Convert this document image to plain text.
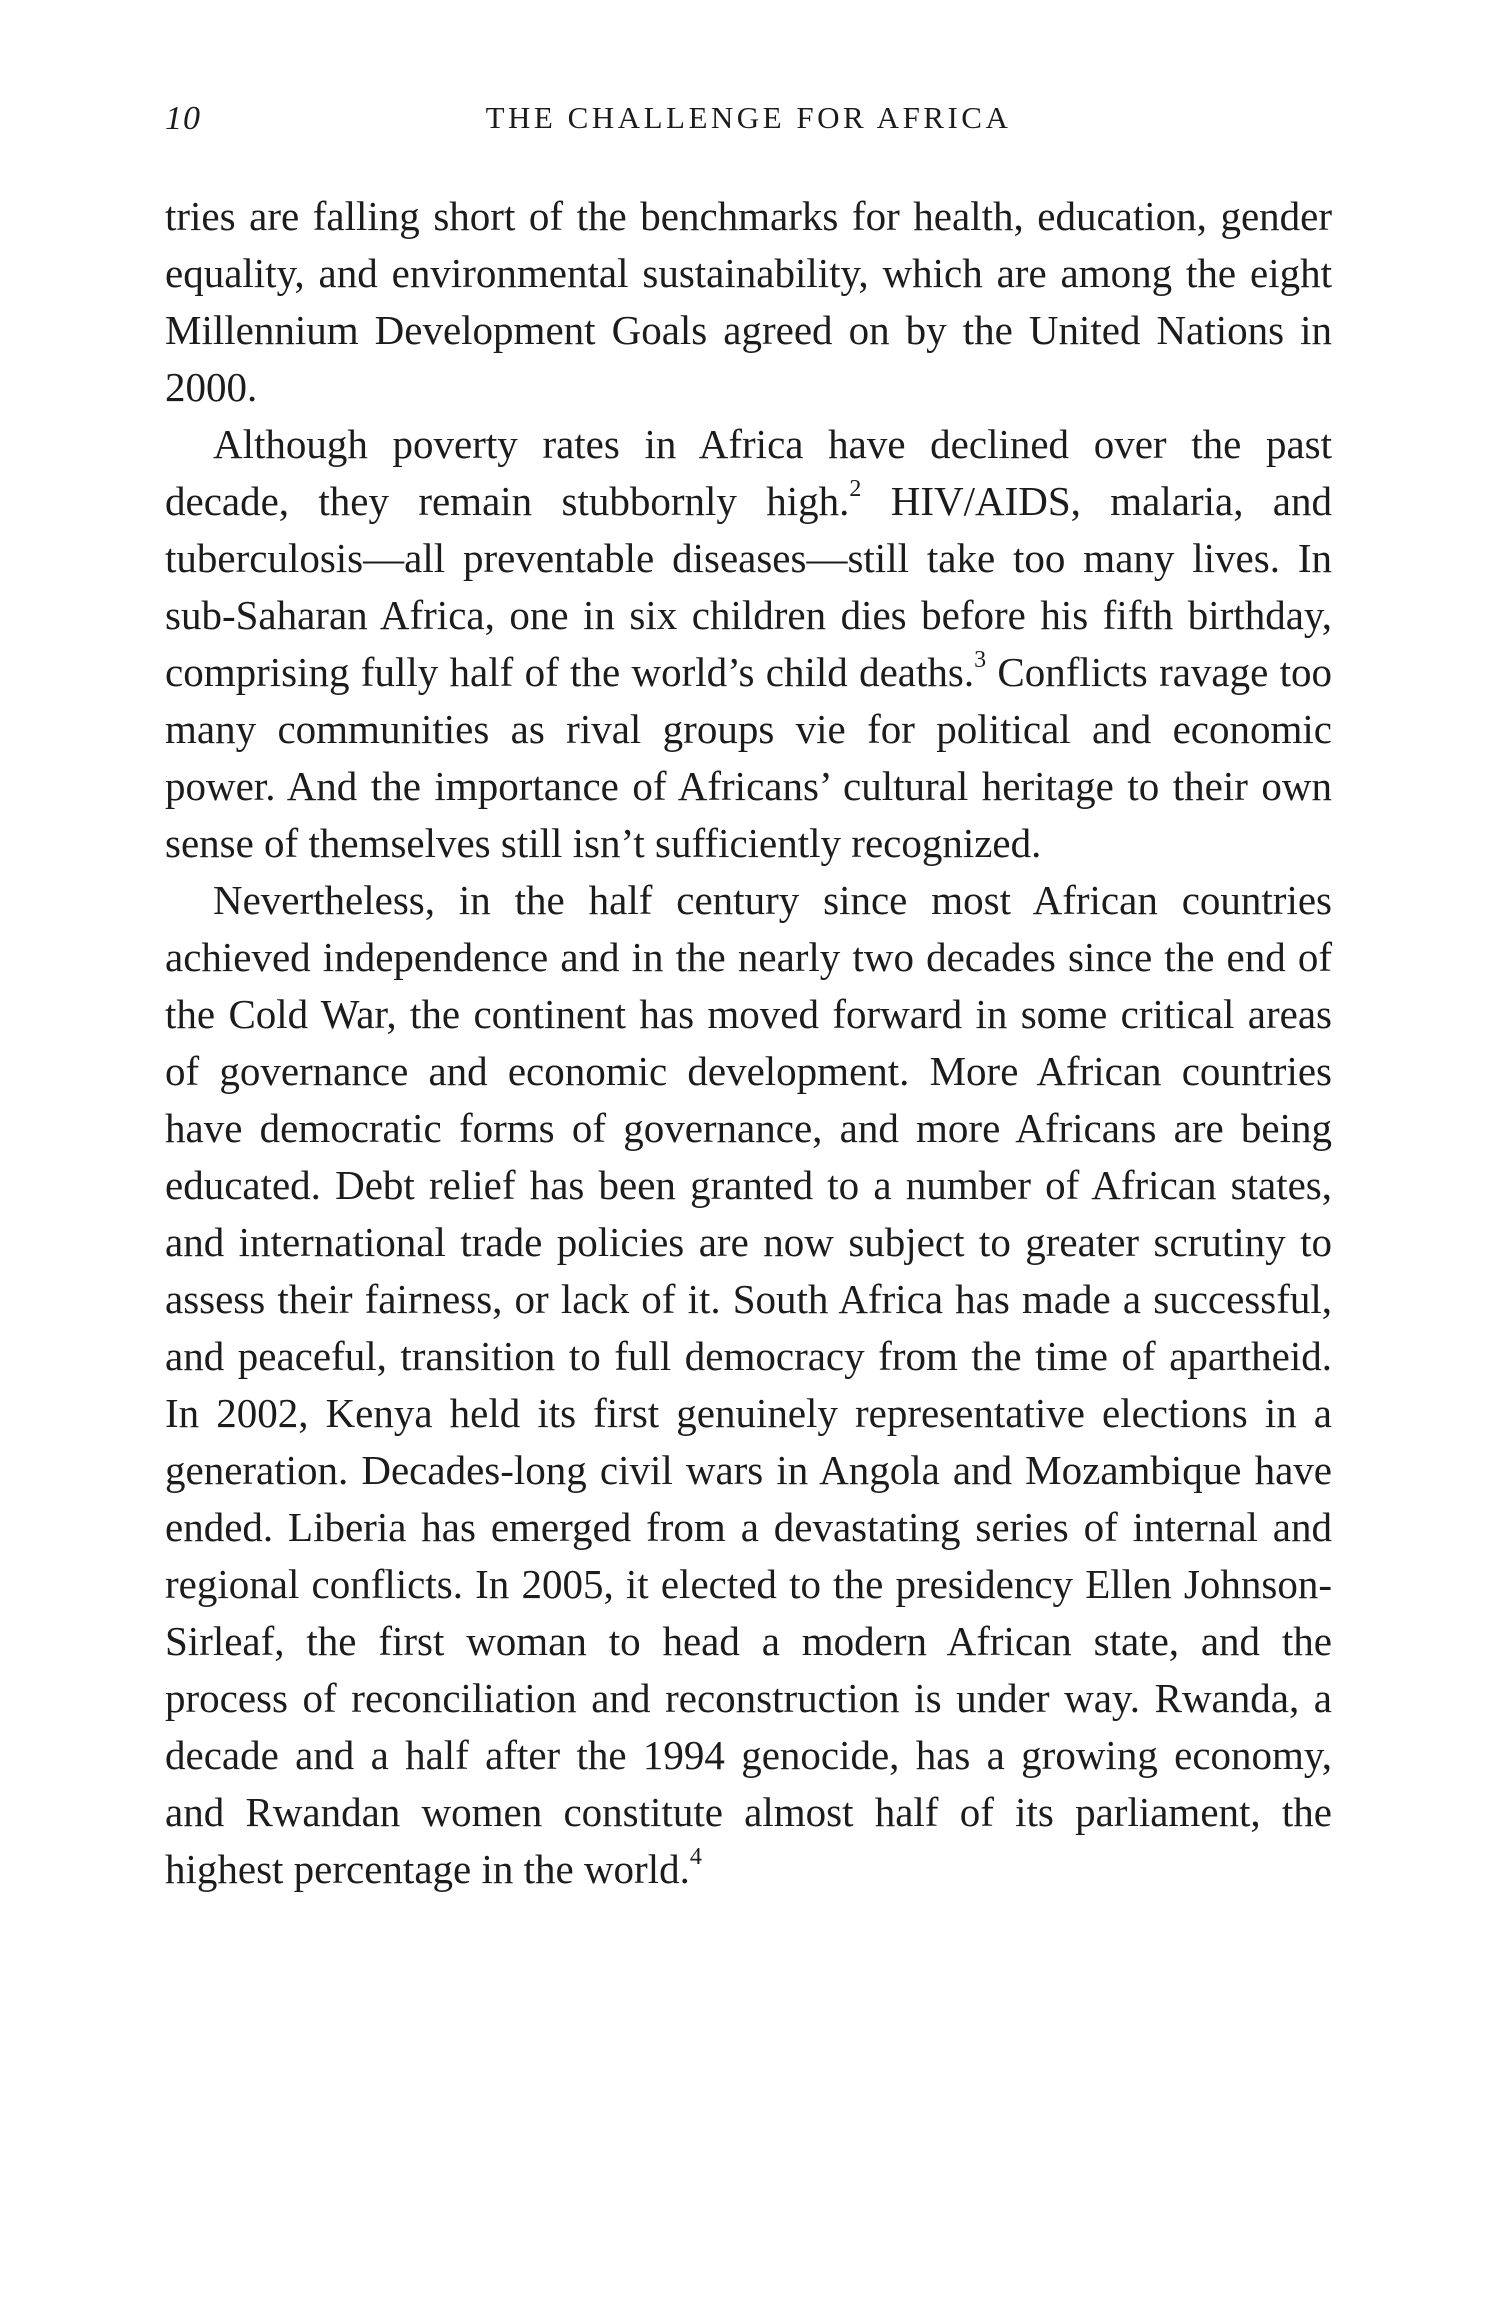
10	THE CHALLENGE FOR AFRICA

tries are falling short of the benchmarks for health, education, gender equality, and environmental sustainability, which are among the eight Millennium Development Goals agreed on by the United Nations in 2000.

Although poverty rates in Africa have declined over the past decade, they remain stubbornly high.$^2$ HIV/AIDS, malaria, and tuberculosis—all preventable diseases—still take too many lives. In sub-Saharan Africa, one in six children dies before his fifth birthday, comprising fully half of the world’s child deaths.$^3$ Conflicts ravage too many communities as rival groups vie for political and economic power. And the importance of Africans’ cultural heritage to their own sense of themselves still isn’t sufficiently recognized.

Nevertheless, in the half century since most African countries achieved independence and in the nearly two decades since the end of the Cold War, the continent has moved forward in some critical areas of governance and economic development. More African countries have democratic forms of governance, and more Africans are being educated. Debt relief has been granted to a number of African states, and international trade policies are now subject to greater scrutiny to assess their fairness, or lack of it. South Africa has made a successful, and peaceful, transition to full democracy from the time of apartheid. In 2002, Kenya held its first genuinely representative elections in a generation. Decades-long civil wars in Angola and Mozambique have ended. Liberia has emerged from a devastating series of internal and regional conflicts. In 2005, it elected to the presidency Ellen Johnson-Sirleaf, the first woman to head a modern African state, and the process of reconciliation and reconstruction is under way. Rwanda, a decade and a half after the 1994 genocide, has a growing economy, and Rwandan women constitute almost half of its parliament, the highest percentage in the world.$^4$
